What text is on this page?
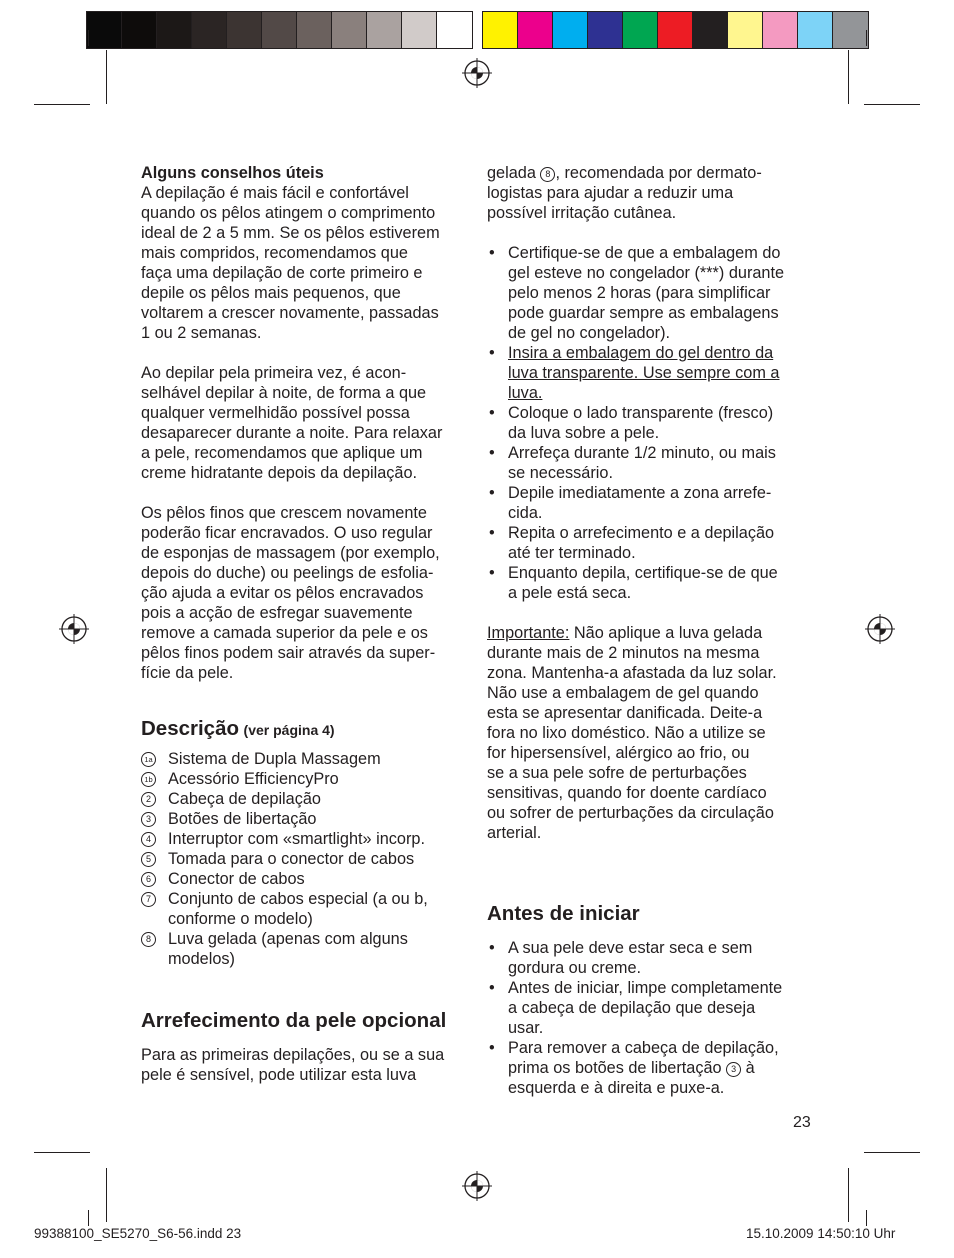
Alguns conselhos úteis

A depilação é mais fácil e confortável
quando os pêlos atingem o comprimento
ideal de 2 a 5 mm. Se os pêlos estiverem
mais compridos, recomendamos que
faça uma depilação de corte primeiro e
depile os pêlos mais pequenos, que
voltarem a crescer novamente, passadas
1 ou 2 semanas.

Ao depilar pela primeira vez, é acon-
selhável depilar à noite, de forma a que
qualquer vermelhidão possível possa
desaparecer durante a noite. Para relaxar
a pele, recomendamos que aplique um
creme hidratante depois da depilação.

Os pêlos finos que crescem novamente
poderão ficar encravados. O uso regular
de esponjas de massagem (por exemplo,
depois do duche) ou peelings de esfolia-
ção ajuda a evitar os pêlos encravados
pois a acção de esfregar suavemente
remove a camada superior da pele e os
pêlos finos podem sair através da super-
fície da pele.

Descrição (ver página 4)

1a Sistema de Dupla Massagem
1b Acessório EfficiencyPro
2	Cabeça de depilação
3	Botões de libertação
4	Interruptor com «smartlight» incorp.
5	Tomada para o conector de cabos
6	Conector de cabos
7	Conjunto de cabos especial (a ou b,
conforme o modelo)
8	Luva gelada (apenas com alguns
modelos)

Arrefecimento da pele opcional

Para as primeiras depilações, ou se a sua
pele é sensível, pode utilizar esta luva

gelada 8 , recomendada por dermato-
logistas para ajudar a reduzir uma
possível irritação cutânea.

• Certifique-se de que a embalagem do
gel esteve no congelador (***) durante
pelo menos 2 horas (para simplificar
pode guardar sempre as embalagens
de gel no congelador).
• Insira a embalagem do gel dentro da
luva transparente. Use sempre com a
luva.
• Coloque o lado transparente (fresco)
da luva sobre a pele.
• Arrefeça durante 1/2 minuto, ou mais
se necessário.
• Depile imediatamente a zona arrefe-
cida.
• Repita o arrefecimento e a depilação
até ter terminado.
• Enquanto depila, certifique-se de que
a pele está seca.

Importante: Não aplique a luva gelada
durante mais de 2 minutos na mesma
zona. Mantenha-a afastada da luz solar.
Não use a embalagem de gel quando
esta se apresentar danificada. Deite-a
fora no lixo doméstico. Não a utilize se
for hipersensível, alérgico ao frio, ou
se a sua pele sofre de perturbações
sensitivas, quando for doente cardíaco
ou sofrer de perturbações da circulação
arterial.

Antes de iniciar

• A sua pele deve estar seca e sem
gordura ou creme.
• Antes de iniciar, limpe completamente
a cabeça de depilação que deseja
usar.
• Para remover a cabeça de depilação,
prima os botões de libertação 3 à
esquerda e à direita e puxe-a.
23
99388100_SE5270_S6-56.indd 23	15.10.2009 14:50:10 Uhr
